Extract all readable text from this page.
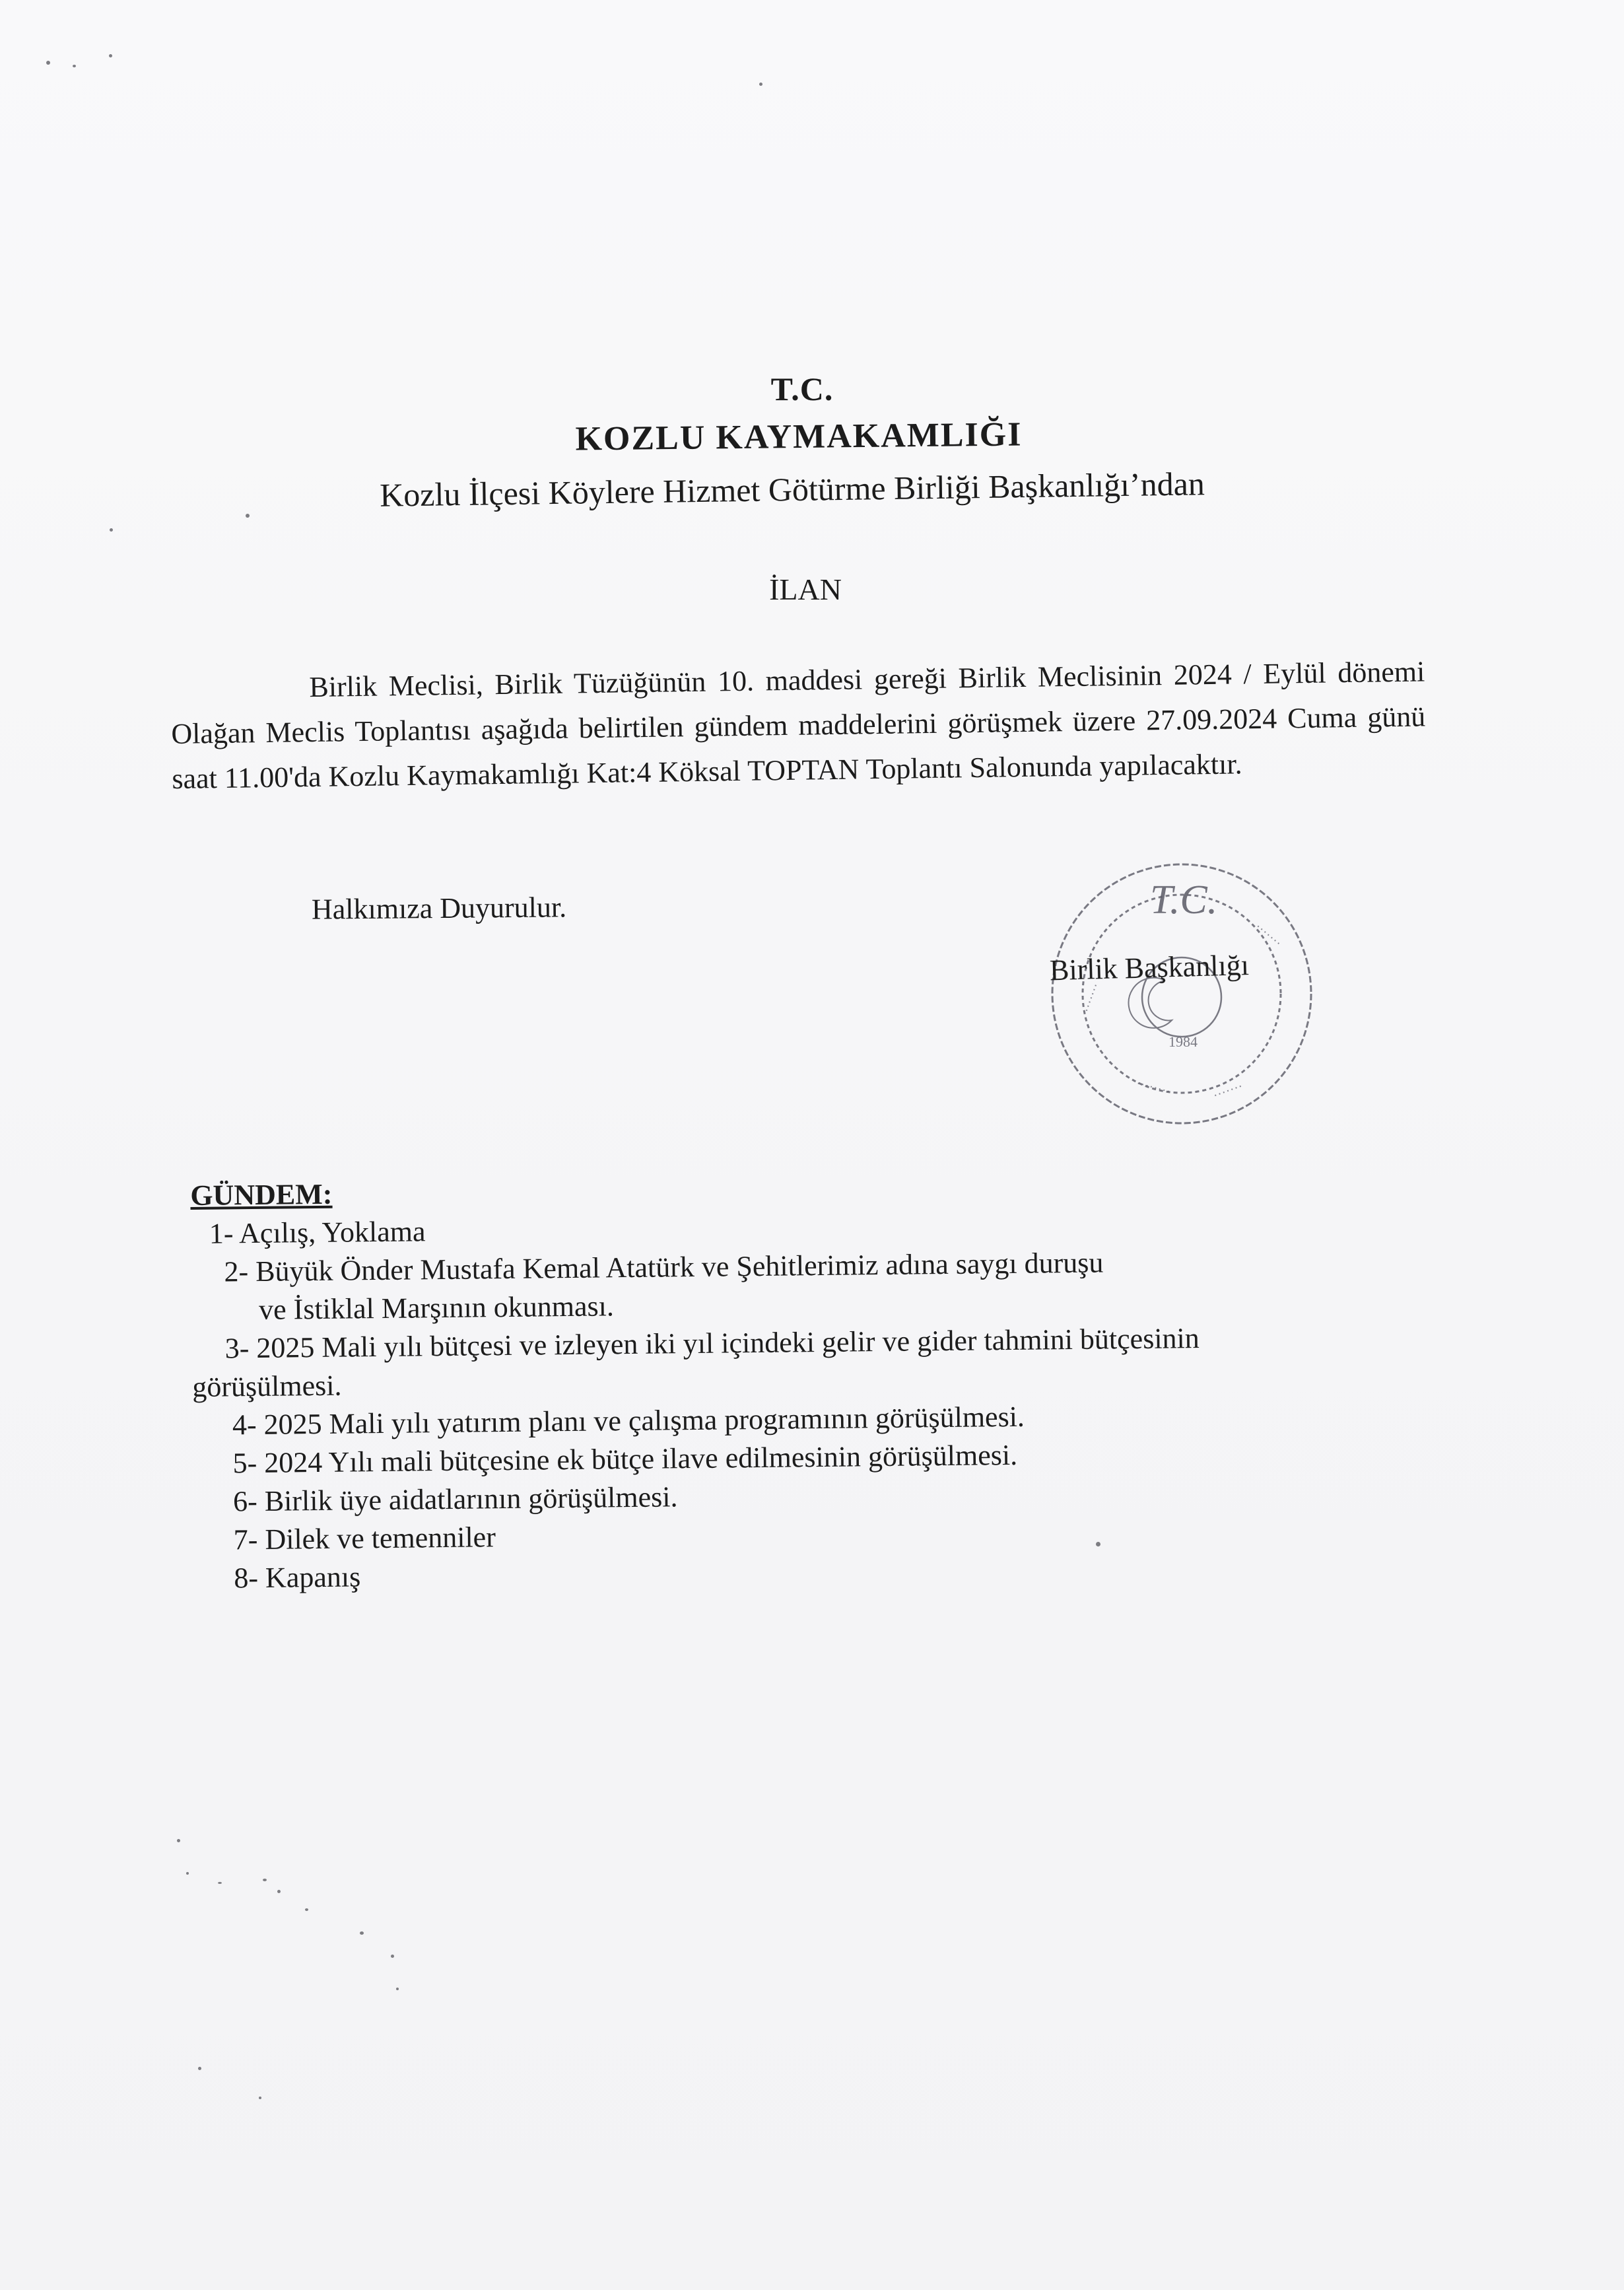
T.C.
KOZLU KAYMAKAMLIĞI
Kozlu İlçesi Köylere Hizmet Götürme Birliği Başkanlığı’ndan
İLAN

Birlik Meclisi, Birlik Tüzüğünün 10. maddesi gereği Birlik Meclisinin 2024 / Eylül dönemi Olağan Meclis Toplantısı aşağıda belirtilen gündem maddelerini görüşmek üzere 27.09.2024 Cuma günü saat 11.00'da Kozlu Kaymakamlığı Kat:4 Köksal TOPTAN Toplantı Salonunda yapılacaktır.

Halkımıza Duyurulur.	T.C.
1984
·······
·······
········	·······
Birlik Başkanlığı
GÜNDEM:
1- Açılış, Yoklama
2- Büyük Önder Mustafa Kemal Atatürk ve Şehitlerimiz adına saygı duruşu
ve İstiklal Marşının okunması.
3- 2025 Mali yılı bütçesi ve izleyen iki yıl içindeki gelir ve gider tahmini bütçesinin
görüşülmesi.
4- 2025 Mali yılı yatırım planı ve çalışma programının görüşülmesi.
5- 2024 Yılı mali bütçesine ek bütçe ilave edilmesinin görüşülmesi.
6- Birlik üye aidatlarının görüşülmesi.
7- Dilek ve temenniler
8- Kapanış
